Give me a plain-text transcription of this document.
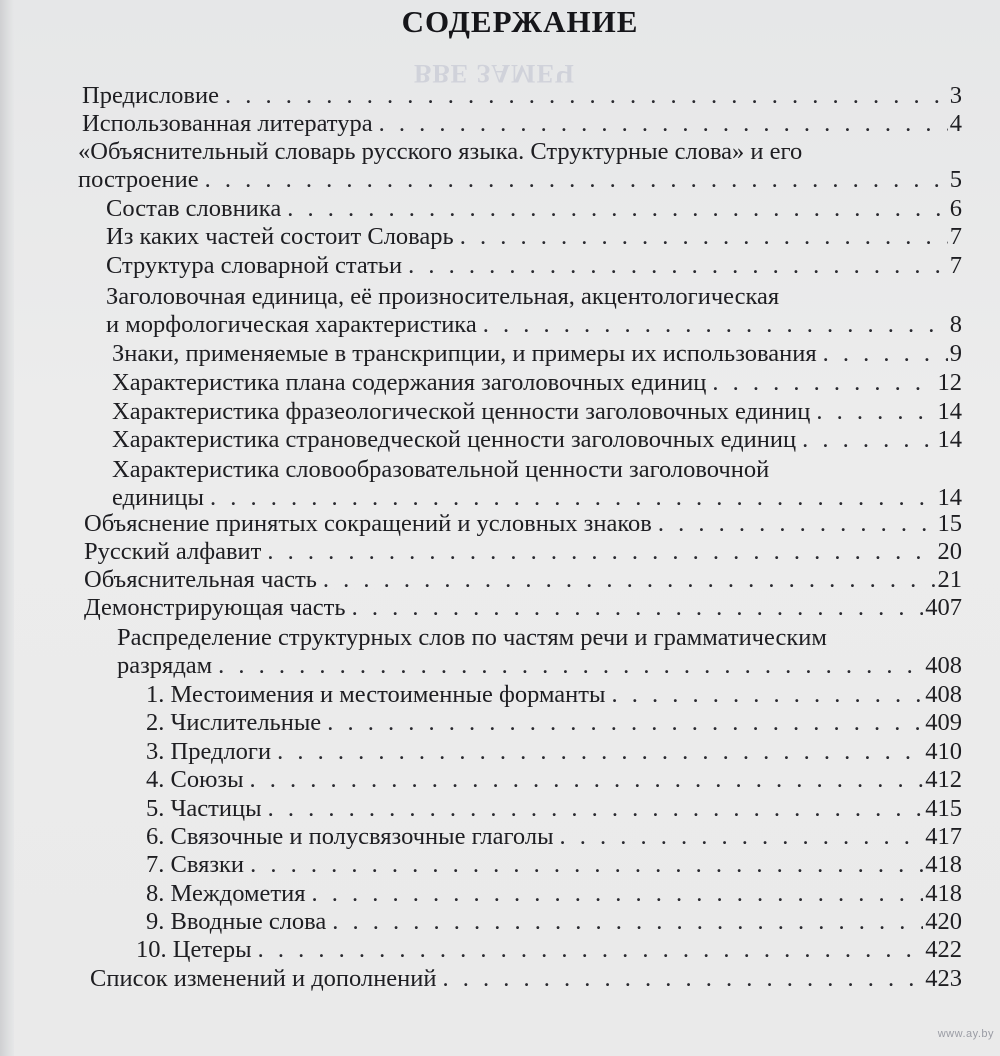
ВВЕ ЗАМЕЧ
СОДЕРЖАНИЕ
Предисловие . . .	3
Использованная литература . . .	4
«Объяснительный словарь русского языка. Структурные слова» и его
построение . . .	5
Состав словника . . .	6
Из каких частей состоит Словарь . . .	7
Структура словарной статьи . . .	7
Заголовочная единица, её произносительная, акцентологическая
и морфологическая характеристика . . .	8
Знаки, применяемые в транскрипции, и примеры их использования . . .	9
Характеристика плана содержания заголовочных единиц . . .	12
Характеристика фразеологической ценности заголовочных единиц . . .	14
Характеристика страноведческой ценности заголовочных единиц . . .	14
Характеристика словообразовательной ценности заголовочной
единицы . . .	14
Объяснение принятых сокращений и условных знаков . . .	15
Русский алфавит . . .	20
Объяснительная часть . . .	21
Демонстрирующая часть . . .	407
Распределение структурных слов по частям речи и грамматическим
разрядам . . .	408
1. Местоимения и местоименные форманты . . .	408
2. Числительные . . .	409
3. Предлоги . . .	410
4. Союзы . . .	412
5. Частицы . . .	415
6. Связочные и полусвязочные глаголы . . .	417
7. Связки . . .	418
8. Междометия . . .	418
9. Вводные слова . . .	420
10. Цетеры . . .	422
Список изменений и дополнений . . .	423
www.ay.by
